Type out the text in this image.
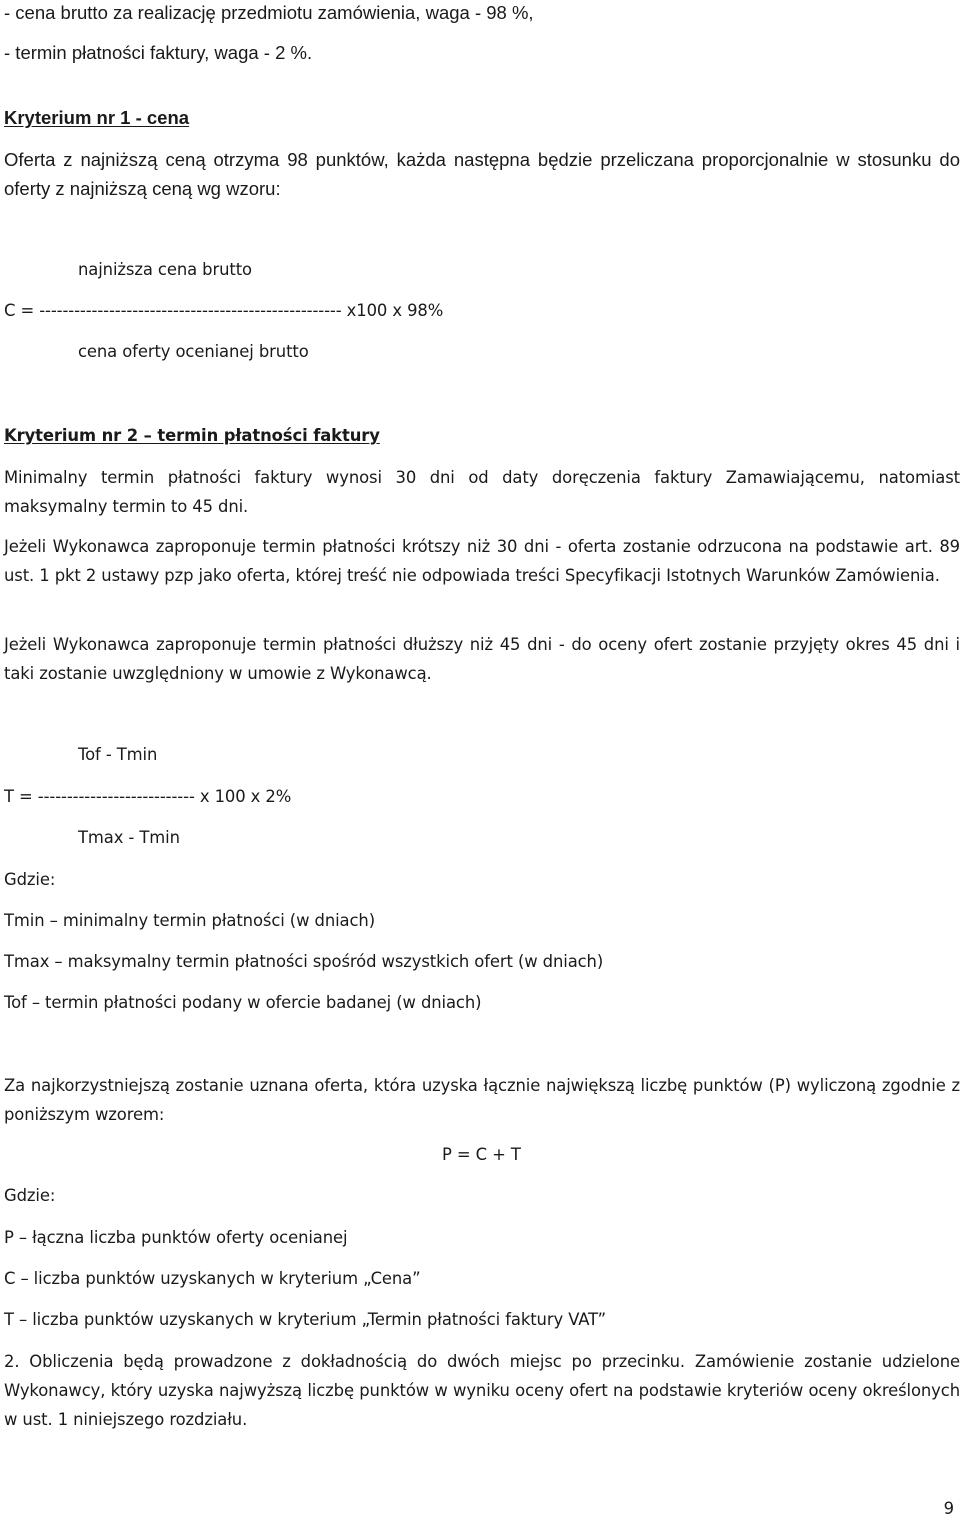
- cena brutto za realizację przedmiotu zamówienia, waga - 98 %,
- termin płatności faktury, waga - 2 %.
Kryterium nr 1 - cena
Oferta z najniższą ceną otrzyma 98 punktów, każda następna będzie przeliczana proporcjonalnie w stosunku do oferty z najniższą ceną wg wzoru:
najniższa cena brutto
C = ---------------------------------------------------- x100 x 98%
cena oferty ocenianej brutto
Kryterium nr 2 – termin płatności faktury
Minimalny termin płatności faktury wynosi 30 dni od daty doręczenia faktury Zamawiającemu, natomiast maksymalny termin to 45 dni.
Jeżeli Wykonawca zaproponuje termin płatności krótszy niż 30 dni - oferta zostanie odrzucona na podstawie art. 89 ust. 1 pkt 2 ustawy pzp jako oferta, której treść nie odpowiada treści Specyfikacji Istotnych Warunków Zamówienia.
Jeżeli Wykonawca zaproponuje termin płatności dłuższy niż 45 dni - do oceny ofert zostanie przyjęty okres 45 dni i taki zostanie uwzględniony w umowie z Wykonawcą.
Tof - Tmin
T = --------------------------- x 100 x 2%
Tmax - Tmin
Gdzie:
Tmin – minimalny termin płatności (w dniach)
Tmax – maksymalny termin płatności spośród wszystkich ofert (w dniach)
Tof – termin płatności podany w ofercie badanej (w dniach)
Za najkorzystniejszą zostanie uznana oferta, która uzyska łącznie największą liczbę punktów (P) wyliczoną zgodnie z poniższym wzorem:
P = C + T
Gdzie:
P – łączna liczba punktów oferty ocenianej
C – liczba punktów uzyskanych w kryterium „Cena”
T – liczba punktów uzyskanych w kryterium „Termin płatności faktury VAT”
2. Obliczenia będą prowadzone z dokładnością do dwóch miejsc po przecinku. Zamówienie zostanie udzielone Wykonawcy, który uzyska najwyższą liczbę punktów w wyniku oceny ofert na podstawie kryteriów oceny określonych w ust. 1 niniejszego rozdziału.
9
